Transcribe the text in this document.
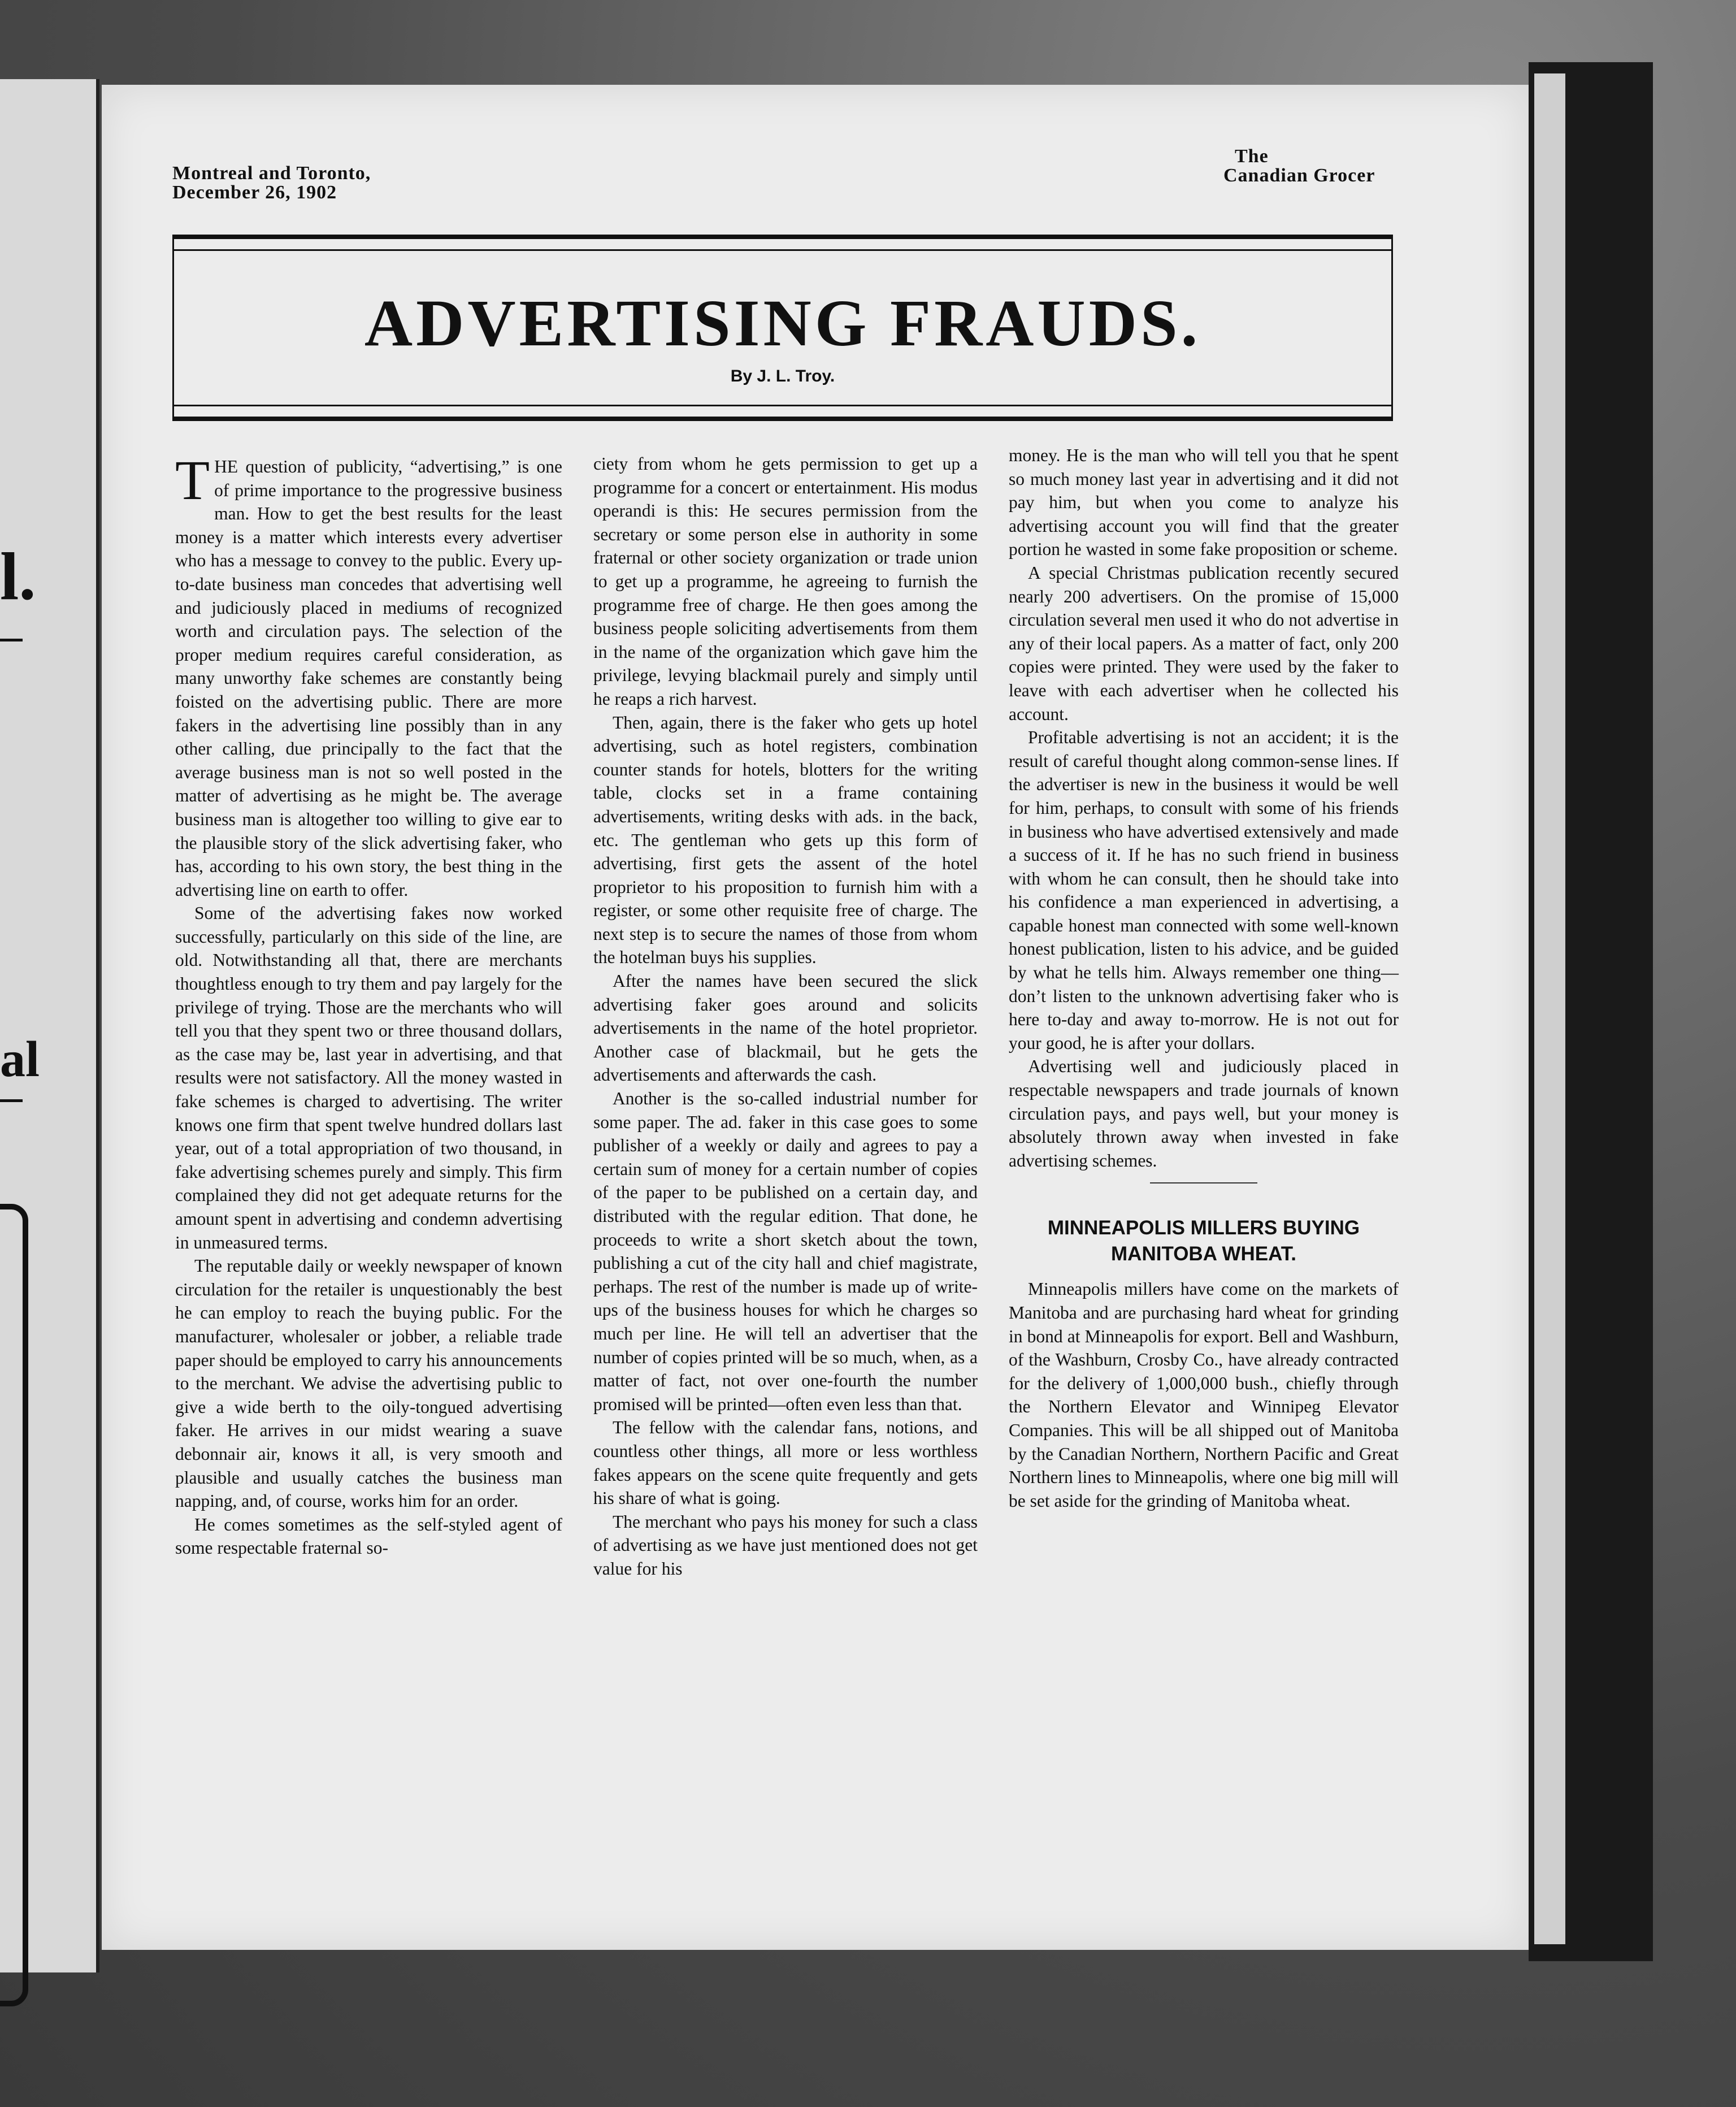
l.
al
Montreal and Toronto,
December 26, 1902
The
Canadian Grocer
ADVERTISING FRAUDS.
By J. L. Troy.

THE question of publicity, “advertising,” is one of prime importance to the progressive business man. How to get the best results for the least money is a matter which interests every advertiser who has a message to convey to the public. Every up-to-date business man concedes that advertising well and judiciously placed in mediums of recognized worth and circulation pays. The selection of the proper medium requires careful consideration, as many unworthy fake schemes are constantly being foisted on the advertising public. There are more fakers in the advertising line possibly than in any other calling, due principally to the fact that the average business man is not so well posted in the matter of advertising as he might be. The average business man is altogether too willing to give ear to the plausible story of the slick advertising faker, who has, according to his own story, the best thing in the advertising line on earth to offer.

Some of the advertising fakes now worked successfully, particularly on this side of the line, are old. Notwithstanding all that, there are merchants thoughtless enough to try them and pay largely for the privilege of trying. Those are the merchants who will tell you that they spent two or three thousand dollars, as the case may be, last year in advertising, and that results were not satisfactory. All the money wasted in fake schemes is charged to advertising. The writer knows one firm that spent twelve hundred dollars last year, out of a total appropriation of two thousand, in fake advertising schemes purely and simply. This firm complained they did not get adequate returns for the amount spent in advertising and condemn advertising in unmeasured terms.

The reputable daily or weekly newspaper of known circulation for the retailer is unquestionably the best he can employ to reach the buying public. For the manufacturer, wholesaler or jobber, a reliable trade paper should be employed to carry his announcements to the merchant. We advise the advertising public to give a wide berth to the oily-tongued advertising faker. He arrives in our midst wearing a suave debonnair air, knows it all, is very smooth and plausible and usually catches the business man napping, and, of course, works him for an order.

He comes sometimes as the self-styled agent of some respectable fraternal so-

ciety from whom he gets permission to get up a programme for a concert or entertainment. His modus operandi is this: He secures permission from the secretary or some person else in authority in some fraternal or other society organization or trade union to get up a programme, he agreeing to furnish the programme free of charge. He then goes among the business people soliciting advertisements from them in the name of the organization which gave him the privilege, levying blackmail purely and simply until he reaps a rich harvest.

Then, again, there is the faker who gets up hotel advertising, such as hotel registers, combination counter stands for hotels, blotters for the writing table, clocks set in a frame containing advertisements, writing desks with ads. in the back, etc. The gentleman who gets up this form of advertising, first gets the assent of the hotel proprietor to his proposition to furnish him with a register, or some other requisite free of charge. The next step is to secure the names of those from whom the hotelman buys his supplies.

After the names have been secured the slick advertising faker goes around and solicits advertisements in the name of the hotel proprietor. Another case of blackmail, but he gets the advertisements and afterwards the cash.

Another is the so-called industrial number for some paper. The ad. faker in this case goes to some publisher of a weekly or daily and agrees to pay a certain sum of money for a certain number of copies of the paper to be published on a certain day, and distributed with the regular edition. That done, he proceeds to write a short sketch about the town, publishing a cut of the city hall and chief magistrate, perhaps. The rest of the number is made up of write-ups of the business houses for which he charges so much per line. He will tell an advertiser that the number of copies printed will be so much, when, as a matter of fact, not over one-fourth the number promised will be printed—often even less than that.

The fellow with the calendar fans, notions, and countless other things, all more or less worthless fakes appears on the scene quite frequently and gets his share of what is going.

The merchant who pays his money for such a class of advertising as we have just mentioned does not get value for his

money. He is the man who will tell you that he spent so much money last year in advertising and it did not pay him, but when you come to analyze his advertising account you will find that the greater portion he wasted in some fake proposition or scheme.

A special Christmas publication recently secured nearly 200 advertisers. On the promise of 15,000 circulation several men used it who do not advertise in any of their local papers. As a matter of fact, only 200 copies were printed. They were used by the faker to leave with each advertiser when he collected his account.

Profitable advertising is not an accident; it is the result of careful thought along common-sense lines. If the advertiser is new in the business it would be well for him, perhaps, to consult with some of his friends in business who have advertised extensively and made a success of it. If he has no such friend in business with whom he can consult, then he should take into his confidence a man experienced in advertising, a capable honest man connected with some well-known honest publication, listen to his advice, and be guided by what he tells him. Always remember one thing—don’t listen to the unknown advertising faker who is here to-day and away to-morrow. He is not out for your good, he is after your dollars.

Advertising well and judiciously placed in respectable newspapers and trade journals of known circulation pays, and pays well, but your money is absolutely thrown away when invested in fake advertising schemes.

MINNEAPOLIS MILLERS BUYING
MANITOBA WHEAT.

Minneapolis millers have come on the markets of Manitoba and are purchasing hard wheat for grinding in bond at Minneapolis for export. Bell and Washburn, of the Washburn, Crosby Co., have already contracted for the delivery of 1,000,000 bush., chiefly through the Northern Elevator and Winnipeg Elevator Companies. This will be all shipped out of Manitoba by the Canadian Northern, Northern Pacific and Great Northern lines to Minneapolis, where one big mill will be set aside for the grinding of Manitoba wheat.
